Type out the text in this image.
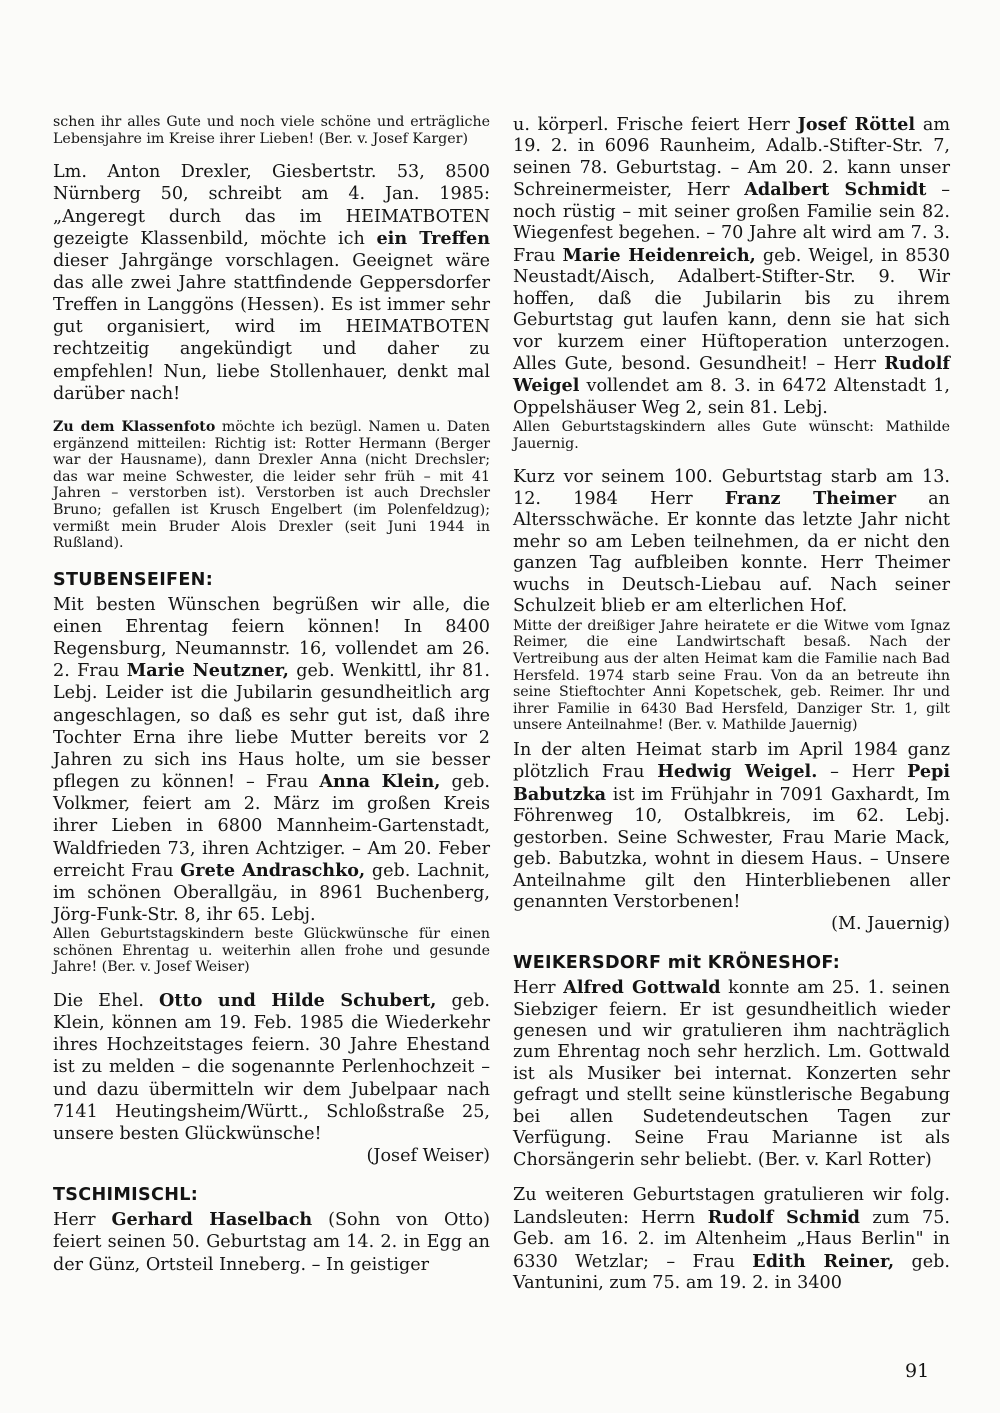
schen ihr alles Gute und noch viele schöne und erträgliche Lebensjahre im Kreise ihrer Lieben! (Ber. v. Josef Karger)

Lm. Anton Drexler, Giesbertstr. 53, 8500 Nürnberg 50, schreibt am 4. Jan. 1985: „Angeregt durch das im HEIMATBOTEN gezeigte Klassenbild, möchte ich ein Treffen dieser Jahrgänge vorschlagen. Geeignet wäre das alle zwei Jahre stattfindende Geppersdorfer Treffen in Langgöns (Hessen). Es ist immer sehr gut organisiert, wird im HEIMATBOTEN rechtzeitig angekündigt und daher zu empfehlen! Nun, liebe Stollenhauer, denkt mal darüber nach!

Zu dem Klassenfoto möchte ich bezügl. Namen u. Daten ergänzend mitteilen: Richtig ist: Rotter Hermann (Berger war der Hausname), dann Drexler Anna (nicht Drechsler; das war meine Schwester, die leider sehr früh – mit 41 Jahren – verstorben ist). Verstorben ist auch Drechsler Bruno; gefallen ist Krusch Engelbert (im Polenfeldzug); vermißt mein Bruder Alois Drexler (seit Juni 1944 in Rußland).

STUBENSEIFEN:

Mit besten Wünschen begrüßen wir alle, die einen Ehrentag feiern können! In 8400 Regensburg, Neumannstr. 16, vollendet am 26. 2. Frau Marie Neutzner, geb. Wenkittl, ihr 81. Lebj. Leider ist die Jubilarin gesundheitlich arg angeschlagen, so daß es sehr gut ist, daß ihre Tochter Erna ihre liebe Mutter bereits vor 2 Jahren zu sich ins Haus holte, um sie besser pflegen zu können! – Frau Anna Klein, geb. Volkmer, feiert am 2. März im großen Kreis ihrer Lieben in 6800 Mannheim-Gartenstadt, Waldfrieden 73, ihren Achtziger. – Am 20. Feber erreicht Frau Grete Andraschko, geb. Lachnit, im schönen Oberallgäu, in 8961 Buchenberg, Jörg-Funk-Str. 8, ihr 65. Lebj.

Allen Geburtstagskindern beste Glückwünsche für einen schönen Ehrentag u. weiterhin allen frohe und gesunde Jahre! (Ber. v. Josef Weiser)

Die Ehel. Otto und Hilde Schubert, geb. Klein, können am 19. Feb. 1985 die Wiederkehr ihres Hochzeitstages feiern. 30 Jahre Ehestand ist zu melden – die sogenannte Perlenhochzeit – und dazu übermitteln wir dem Jubelpaar nach 7141 Heutingsheim/Württ., Schloßstraße 25, unsere besten Glückwünsche!
(Josef Weiser)

TSCHIMISCHL:

Herr Gerhard Haselbach (Sohn von Otto) feiert seinen 50. Geburtstag am 14. 2. in Egg an der Günz, Ortsteil Inneberg. – In geistiger

u. körperl. Frische feiert Herr Josef Röttel am 19. 2. in 6096 Raunheim, Adalb.-Stifter-Str. 7, seinen 78. Geburtstag. – Am 20. 2. kann unser Schreinermeister, Herr Adalbert Schmidt – noch rüstig – mit seiner großen Familie sein 82. Wiegenfest begehen. – 70 Jahre alt wird am 7. 3. Frau Marie Heidenreich, geb. Weigel, in 8530 Neustadt/Aisch, Adalbert-Stifter-Str. 9. Wir hoffen, daß die Jubilarin bis zu ihrem Geburtstag gut laufen kann, denn sie hat sich vor kurzem einer Hüftoperation unterzogen. Alles Gute, besond. Gesundheit! – Herr Rudolf Weigel vollendet am 8. 3. in 6472 Altenstadt 1, Oppelshäuser Weg 2, sein 81. Lebj.

Allen Geburtstagskindern alles Gute wünscht: Mathilde Jauernig.

Kurz vor seinem 100. Geburtstag starb am 13. 12. 1984 Herr Franz Theimer an Altersschwäche. Er konnte das letzte Jahr nicht mehr so am Leben teilnehmen, da er nicht den ganzen Tag aufbleiben konnte. Herr Theimer wuchs in Deutsch-Liebau auf. Nach seiner Schulzeit blieb er am elterlichen Hof.

Mitte der dreißiger Jahre heiratete er die Witwe vom Ignaz Reimer, die eine Landwirtschaft besaß. Nach der Vertreibung aus der alten Heimat kam die Familie nach Bad Hersfeld. 1974 starb seine Frau. Von da an betreute ihn seine Stieftochter Anni Kopetschek, geb. Reimer. Ihr und ihrer Familie in 6430 Bad Hersfeld, Danziger Str. 1, gilt unsere Anteilnahme! (Ber. v. Mathilde Jauernig)

In der alten Heimat starb im April 1984 ganz plötzlich Frau Hedwig Weigel. – Herr Pepi Babutzka ist im Frühjahr in 7091 Gaxhardt, Im Föhrenweg 10, Ostalbkreis, im 62. Lebj. gestorben. Seine Schwester, Frau Marie Mack, geb. Babutzka, wohnt in diesem Haus. – Unsere Anteilnahme gilt den Hinterbliebenen aller genannten Verstorbenen!
(M. Jauernig)

WEIKERSDORF mit KRÖNESHOF:

Herr Alfred Gottwald konnte am 25. 1. seinen Siebziger feiern. Er ist gesundheitlich wieder genesen und wir gratulieren ihm nachträglich zum Ehrentag noch sehr herzlich. Lm. Gottwald ist als Musiker bei internat. Konzerten sehr gefragt und stellt seine künstlerische Begabung bei allen Sudetendeutschen Tagen zur Verfügung. Seine Frau Marianne ist als Chorsängerin sehr beliebt. (Ber. v. Karl Rotter)

Zu weiteren Geburtstagen gratulieren wir folg. Landsleuten: Herrn Rudolf Schmid zum 75. Geb. am 16. 2. im Altenheim „Haus Berlin" in 6330 Wetzlar; – Frau Edith Reiner, geb. Vantunini, zum 75. am 19. 2. in 3400

91
